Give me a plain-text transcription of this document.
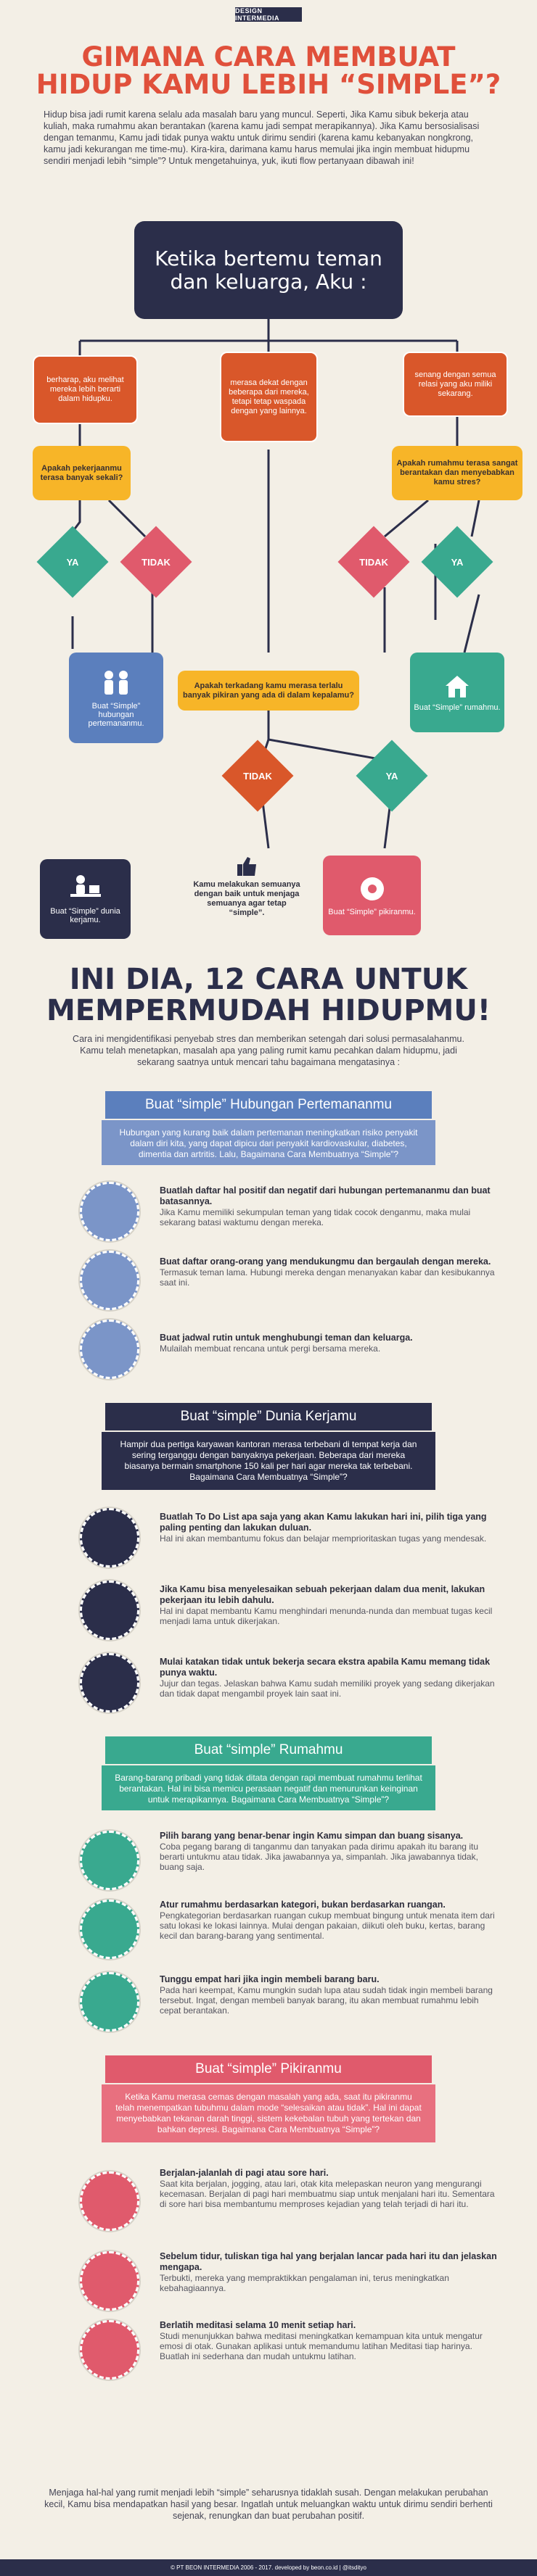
DESIGN INTERMEDIA
GIMANA CARA MEMBUAT
HIDUP KAMU LEBIH “SIMPLE”?
Hidup bisa jadi rumit karena selalu ada masalah baru yang muncul. Seperti, Jika Kamu sibuk bekerja atau kuliah, maka rumahmu akan berantakan (karena kamu jadi sempat merapikannya). Jika Kamu bersosialisasi dengan temanmu, Kamu jadi tidak punya waktu untuk dirimu sendiri (karena kamu kebanyakan nongkrong, kamu jadi kekurangan me time-mu). Kira-kira, darimana kamu harus memulai jika ingin membuat hidupmu sendiri menjadi lebih “simple”? Untuk mengetahuinya, yuk, ikuti flow pertanyaan dibawah ini!
Ketika bertemu teman dan keluarga, Aku :
berharap, aku melihat mereka lebih berarti dalam hidupku.
merasa dekat dengan beberapa dari mereka, tetapi tetap waspada dengan yang lainnya.
senang dengan semua relasi yang aku miliki sekarang.
Apakah pekerjaanmu terasa banyak sekali?
Apakah rumahmu terasa sangat berantakan dan menyebabkan kamu stres?
YA	TIDAK	TIDAK	YA
Buat “Simple” hubungan pertemananmu.
Apakah terkadang kamu merasa terlalu banyak pikiran yang ada di dalam kepalamu?
Buat “Simple” rumahmu.
TIDAK	YA
Buat “Simple” dunia kerjamu.
Kamu melakukan semuanya dengan baik untuk menjaga semuanya agar tetap “simple”.	Buat “Simple” pikiranmu.
INI DIA, 12 CARA UNTUK
MEMPERMUDAH HIDUPMU!
Cara ini mengidentifikasi penyebab stres dan memberikan setengah dari solusi permasalahanmu. Kamu telah menetapkan, masalah apa yang paling rumit kamu pecahkan dalam hidupmu, jadi sekarang saatnya untuk mencari tahu bagaimana mengatasinya :
Buat “simple” Hubungan Pertemananmu
Hubungan yang kurang baik dalam pertemanan meningkatkan risiko penyakit dalam diri kita, yang dapat dipicu dari penyakit kardiovaskular, diabetes, dimentia dan artritis. Lalu, Bagaimana Cara Membuatnya “Simple”?
Buatlah daftar hal positif dan negatif dari hubungan pertemananmu dan buat batasannya.
Jika Kamu memiliki sekumpulan teman yang tidak cocok denganmu, maka mulai sekarang batasi waktumu dengan mereka.
Buat daftar orang-orang yang mendukungmu dan bergaulah dengan mereka.
Termasuk teman lama. Hubungi mereka dengan menanyakan kabar dan kesibukannya saat ini.
Buat jadwal rutin untuk menghubungi teman dan keluarga.
Mulailah membuat rencana untuk pergi bersama mereka.
Buat “simple” Dunia Kerjamu
Hampir dua pertiga karyawan kantoran merasa terbebani di tempat kerja dan sering terganggu dengan banyaknya pekerjaan. Beberapa dari mereka biasanya bermain smartphone 150 kali per hari agar mereka tak terbebani. Bagaimana Cara Membuatnya “Simple”?
Buatlah To Do List apa saja yang akan Kamu lakukan hari ini, pilih tiga yang paling penting dan lakukan duluan.
Hal ini akan membantumu fokus dan belajar memprioritaskan tugas yang mendesak.
Jika Kamu bisa menyelesaikan sebuah pekerjaan dalam dua menit, lakukan pekerjaan itu lebih dahulu.
Hal ini dapat membantu Kamu menghindari menunda-nunda dan membuat tugas kecil menjadi lama untuk dikerjakan.
Mulai katakan tidak untuk bekerja secara ekstra apabila Kamu memang tidak punya waktu.
Jujur dan tegas. Jelaskan bahwa Kamu sudah memiliki proyek yang sedang dikerjakan dan tidak dapat mengambil proyek lain saat ini.
Buat “simple” Rumahmu
Barang-barang pribadi yang tidak ditata dengan rapi membuat rumahmu terlihat berantakan. Hal ini bisa memicu perasaan negatif dan menurunkan keinginan untuk merapikannya. Bagaimana Cara Membuatnya “Simple”?
Pilih barang yang benar-benar ingin Kamu simpan dan buang sisanya.
Coba pegang barang di tanganmu dan tanyakan pada dirimu apakah itu barang itu berarti untukmu atau tidak. Jika jawabannya ya, simpanlah. Jika jawabannya tidak, buang saja.
Atur rumahmu berdasarkan kategori, bukan berdasarkan ruangan.
Pengkategorian berdasarkan ruangan cukup membuat bingung untuk menata item dari satu lokasi ke lokasi lainnya. Mulai dengan pakaian, diikuti oleh buku, kertas, barang kecil dan barang-barang yang sentimental.
Tunggu empat hari jika ingin membeli barang baru.
Pada hari keempat, Kamu mungkin sudah lupa atau sudah tidak ingin membeli barang tersebut. Ingat, dengan membeli banyak barang, itu akan membuat rumahmu lebih cepat berantakan.
Buat “simple” Pikiranmu
Ketika Kamu merasa cemas dengan masalah yang ada, saat itu pikiranmu telah menempatkan tubuhmu dalam mode “selesaikan atau tidak”. Hal ini dapat menyebabkan tekanan darah tinggi, sistem kekebalan tubuh yang tertekan dan bahkan depresi. Bagaimana Cara Membuatnya “Simple”?
Berjalan-jalanlah di pagi atau sore hari.
Saat kita berjalan, jogging, atau lari, otak kita melepaskan neuron yang mengurangi kecemasan. Berjalan di pagi hari membuatmu siap untuk menjalani hari itu. Sementara di sore hari bisa membantumu memproses kejadian yang telah terjadi di hari itu.
Sebelum tidur, tuliskan tiga hal yang berjalan lancar pada hari itu dan jelaskan mengapa.
Terbukti, mereka yang mempraktikkan pengalaman ini, terus meningkatkan kebahagiaannya.
Berlatih meditasi selama 10 menit setiap hari.
Studi menunjukkan bahwa meditasi meningkatkan kemampuan kita untuk mengatur emosi di otak. Gunakan aplikasi untuk memandumu latihan Meditasi tiap harinya. Buatlah ini sederhana dan mudah untukmu latihan.
Menjaga hal-hal yang rumit menjadi lebih “simple” seharusnya tidaklah susah. Dengan melakukan perubahan kecil, Kamu bisa mendapatkan hasil yang besar. Ingatlah untuk meluangkan waktu untuk dirimu sendiri berhenti sejenak, renungkan dan buat perubahan positif.
© PT BEON INTERMEDIA 2006 - 2017. developed by beon.co.id | @itsdityo
